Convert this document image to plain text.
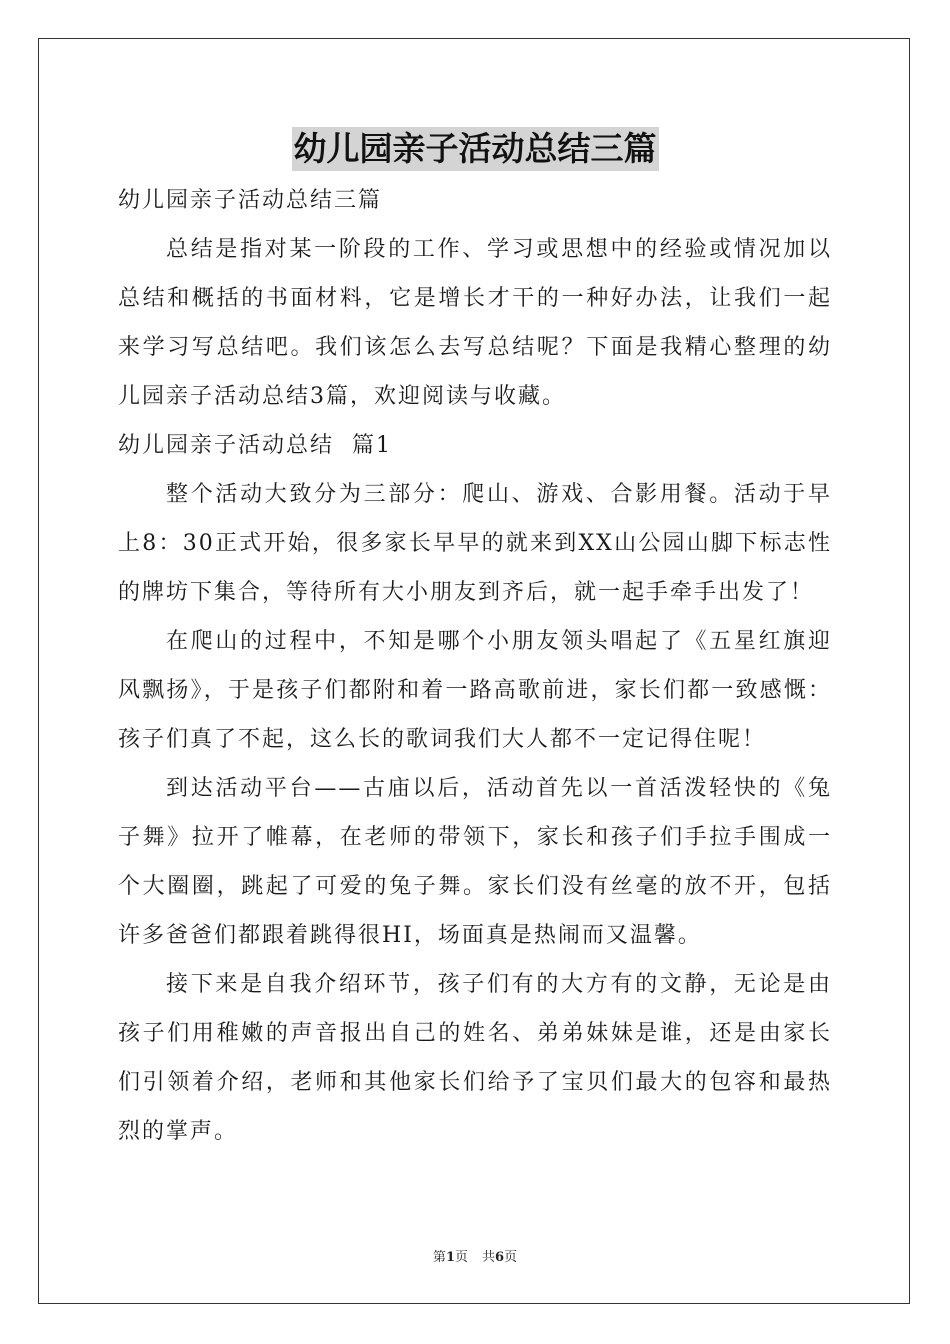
幼儿园亲子活动总结三篇

幼儿园亲子活动总结三篇

总结是指对某一阶段的工作、学习或思想中的经验或情况加以总结和概括的书面材料，它是增长才干的一种好办法，让我们一起来学习写总结吧。我们该怎么去写总结呢？下面是我精心整理的幼儿园亲子活动总结3篇，欢迎阅读与收藏。

幼儿园亲子活动总结  篇1

整个活动大致分为三部分：爬山、游戏、合影用餐。活动于早上8：30正式开始，很多家长早早的就来到XX山公园山脚下标志性的牌坊下集合，等待所有大小朋友到齐后，就一起手牵手出发了！

在爬山的过程中，不知是哪个小朋友领头唱起了《五星红旗迎风飘扬》，于是孩子们都附和着一路高歌前进，家长们都一致感慨：孩子们真了不起，这么长的歌词我们大人都不一定记得住呢！

到达活动平台——古庙以后，活动首先以一首活泼轻快的《兔子舞》拉开了帷幕，在老师的带领下，家长和孩子们手拉手围成一个大圈圈，跳起了可爱的兔子舞。家长们没有丝毫的放不开，包括许多爸爸们都跟着跳得很HI，场面真是热闹而又温馨。

接下来是自我介绍环节，孩子们有的大方有的文静，无论是由孩子们用稚嫩的声音报出自己的姓名、弟弟妹妹是谁，还是由家长们引领着介绍，老师和其他家长们给予了宝贝们最大的包容和最热烈的掌声。

第1页 共6页
